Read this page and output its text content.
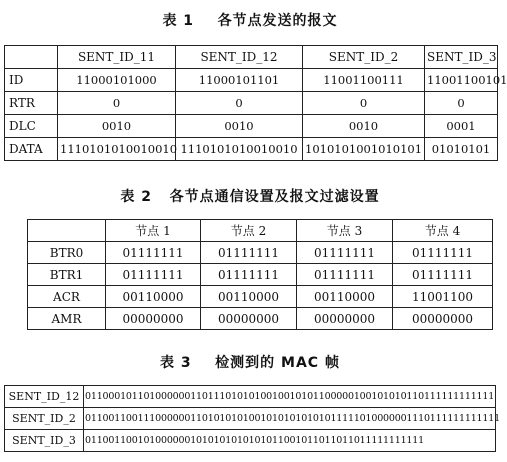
表 1 各节点发送的报文
	SENT_ID_11	SENT_ID_12	SENT_ID_2	SENT_ID_3
ID	11000101000	11000101101	11001100111	11001100101
RTR	0	0	0	0
DLC	0010	0010	0010	0001
DATA	1110101010010010	1110101010010010	1010101001010101	01010101
表 2 各节点通信设置及报文过滤设置
	节点 1	节点 2	节点 3	节点 4
BTR0	01111111	01111111	01111111	01111111
BTR1	01111111	01111111	01111111	01111111
ACR	00110000	00110000	00110000	11001100
AMR	00000000	00000000	00000000	00000000
表 3 检测到的 MAC 帧
SENT_ID_12	0110001011010000001101110101010010010101100000100101010110111111111111
SENT_ID_2	01100110011100000011010101010010101010101011111010000001110111111111111
SENT_ID_3	0110011001010000001010101010101011001011011011011111111111
